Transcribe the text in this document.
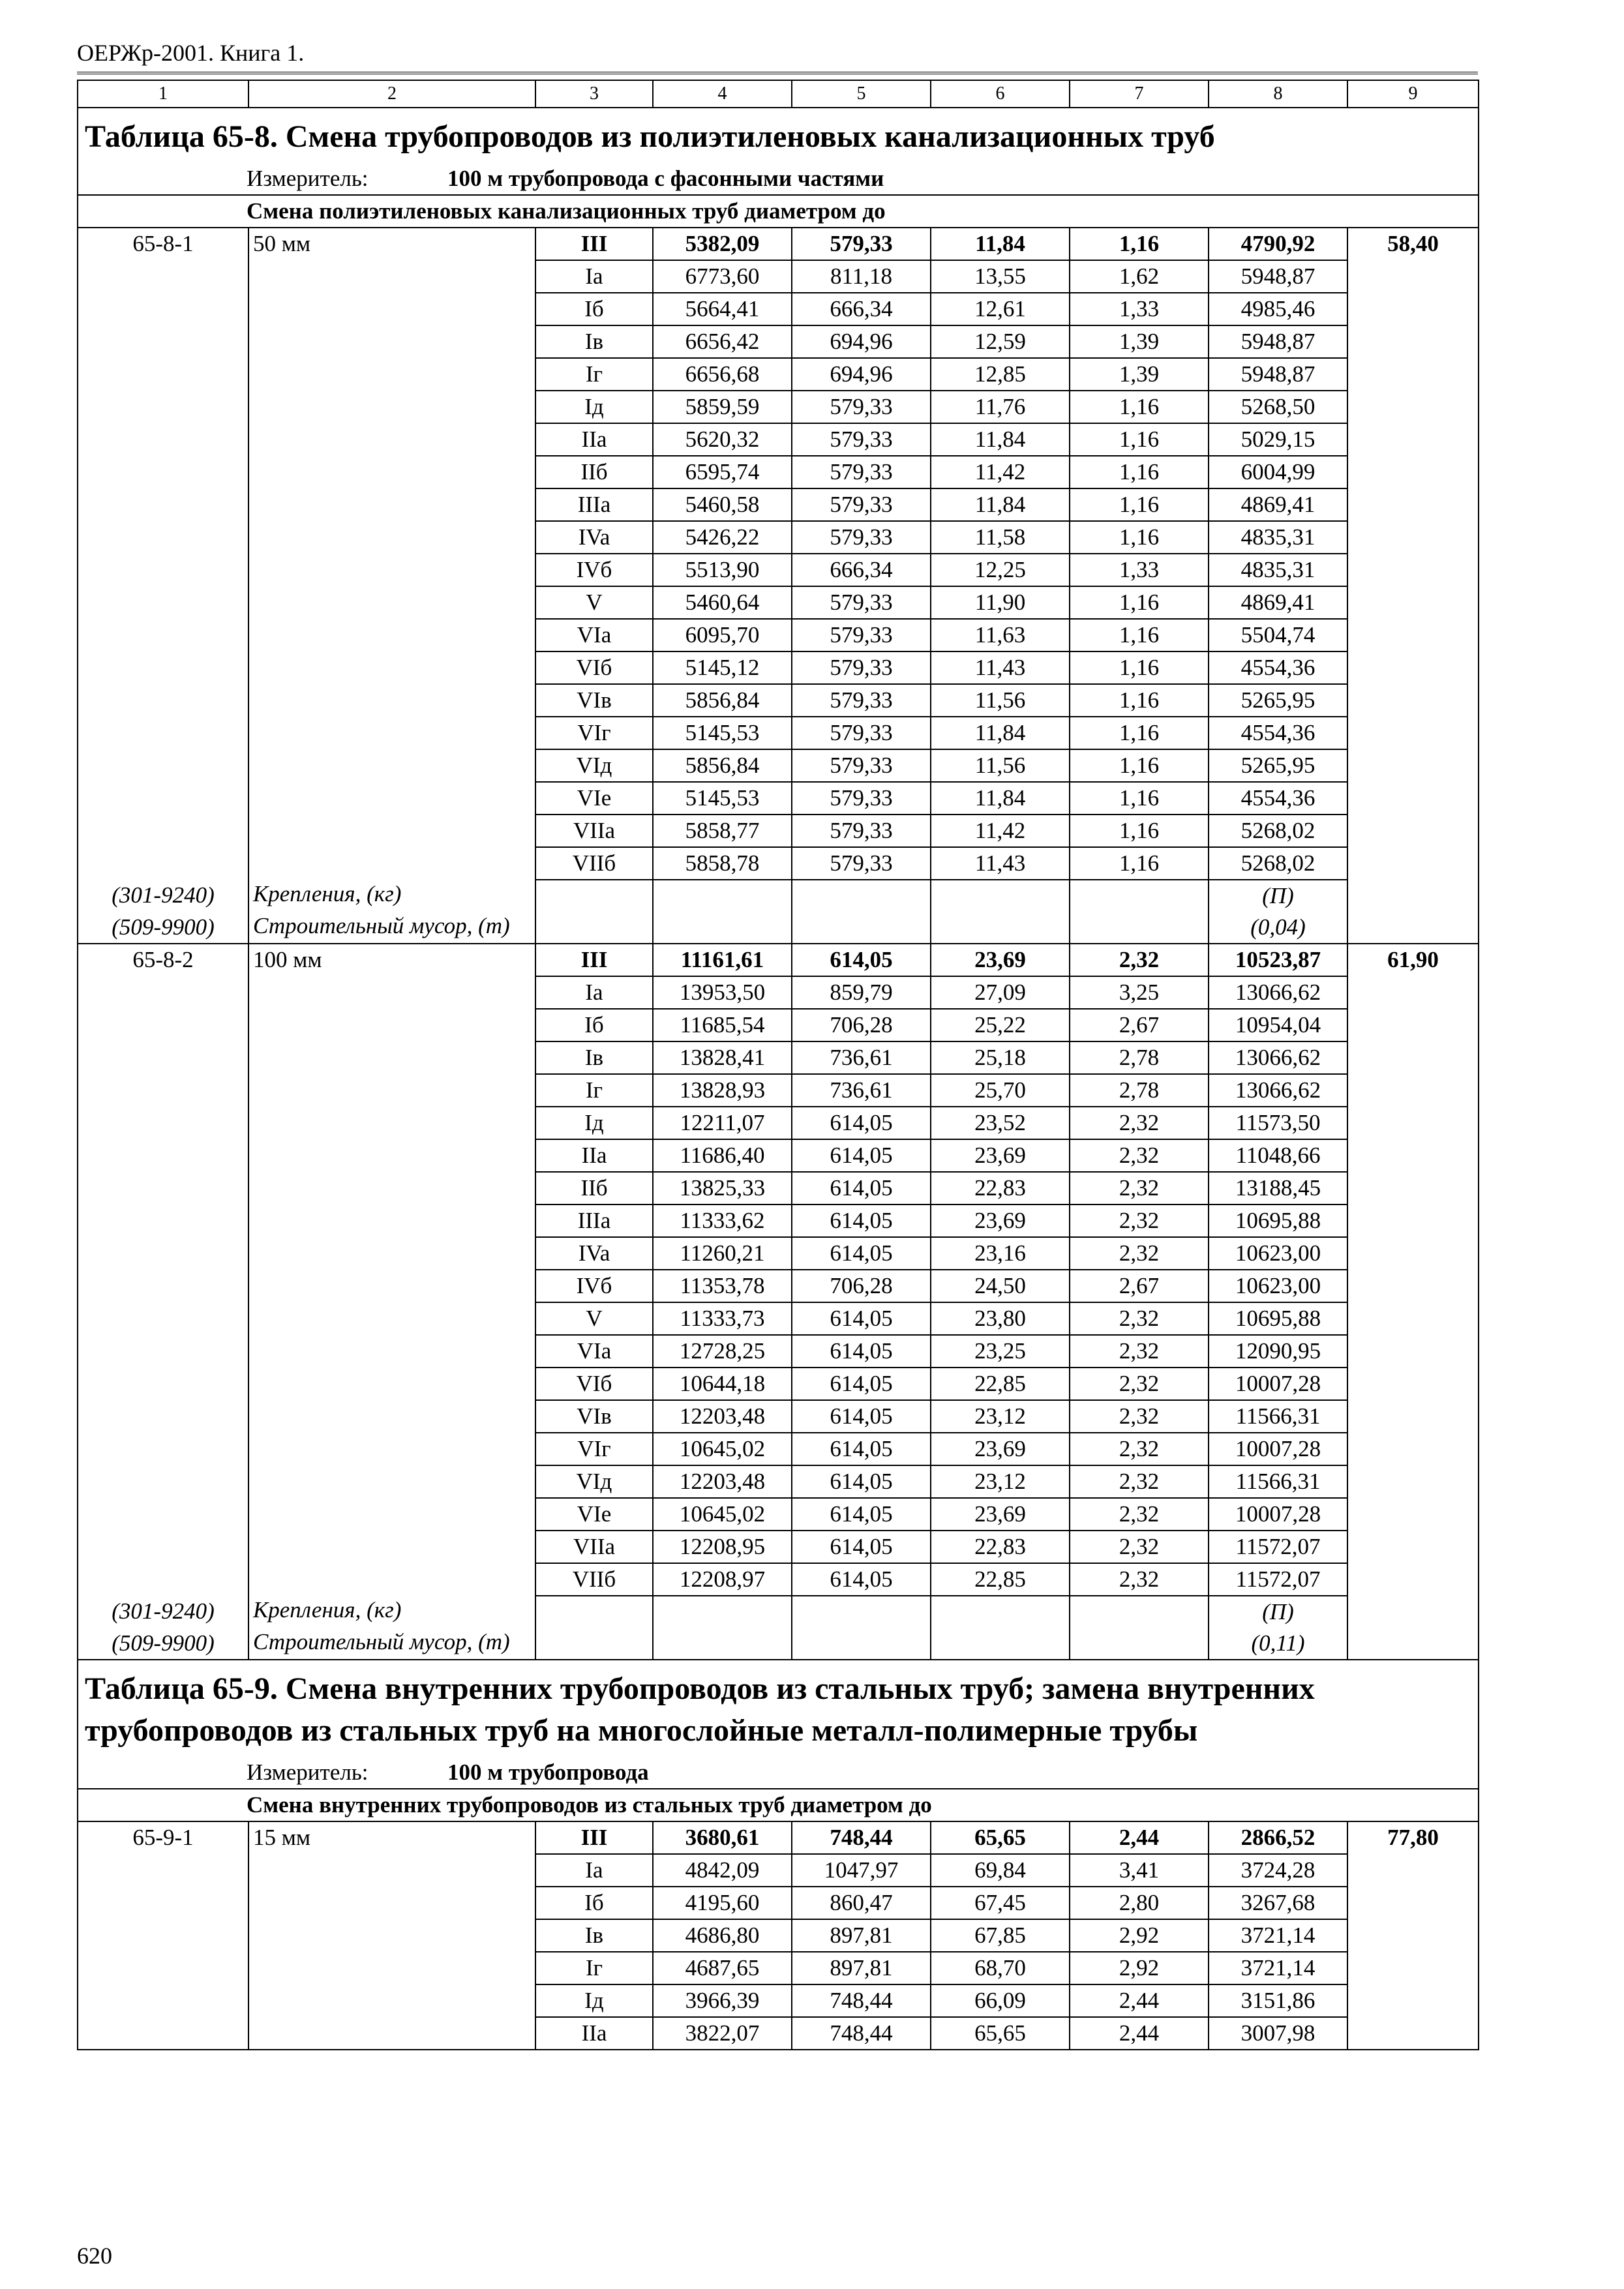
ОЕРЖр-2001. Книга 1.
1	2	3	4	5	6	7	8	9
Таблица 65-8. Смена трубопроводов из полиэтиленовых канализационных труб								
Измеритель: 100 м трубопровода с фасонными частями								
Смена полиэтиленовых канализационных труб диаметром до								
65-8-1	50 мм	III	5382,09	579,33	11,84	1,16	4790,92	58,40
		Ia	6773,60	811,18	13,55	1,62	5948,87	
		Iб	5664,41	666,34	12,61	1,33	4985,46	
		Iв	6656,42	694,96	12,59	1,39	5948,87	
		Iг	6656,68	694,96	12,85	1,39	5948,87	
		Iд	5859,59	579,33	11,76	1,16	5268,50	
		IIa	5620,32	579,33	11,84	1,16	5029,15	
		IIб	6595,74	579,33	11,42	1,16	6004,99	
		IIIa	5460,58	579,33	11,84	1,16	4869,41	
		IVa	5426,22	579,33	11,58	1,16	4835,31	
		IVб	5513,90	666,34	12,25	1,33	4835,31	
		V	5460,64	579,33	11,90	1,16	4869,41	
		VIa	6095,70	579,33	11,63	1,16	5504,74	
		VIб	5145,12	579,33	11,43	1,16	4554,36	
		VIв	5856,84	579,33	11,56	1,16	5265,95	
		VIг	5145,53	579,33	11,84	1,16	4554,36	
		VIд	5856,84	579,33	11,56	1,16	5265,95	
		VIe	5145,53	579,33	11,84	1,16	4554,36	
		VIIa	5858,77	579,33	11,42	1,16	5268,02	
		VIIб	5858,78	579,33	11,43	1,16	5268,02	
(301-9240)	Крепления, (кг)						(П)	
(509-9900)	Строительный мусор, (т)						(0,04)	
65-8-2	100 мм	III	11161,61	614,05	23,69	2,32	10523,87	61,90
		Ia	13953,50	859,79	27,09	3,25	13066,62	
		Iб	11685,54	706,28	25,22	2,67	10954,04	
		Iв	13828,41	736,61	25,18	2,78	13066,62	
		Iг	13828,93	736,61	25,70	2,78	13066,62	
		Iд	12211,07	614,05	23,52	2,32	11573,50	
		IIa	11686,40	614,05	23,69	2,32	11048,66	
		IIб	13825,33	614,05	22,83	2,32	13188,45	
		IIIa	11333,62	614,05	23,69	2,32	10695,88	
		IVa	11260,21	614,05	23,16	2,32	10623,00	
		IVб	11353,78	706,28	24,50	2,67	10623,00	
		V	11333,73	614,05	23,80	2,32	10695,88	
		VIa	12728,25	614,05	23,25	2,32	12090,95	
		VIб	10644,18	614,05	22,85	2,32	10007,28	
		VIв	12203,48	614,05	23,12	2,32	11566,31	
		VIг	10645,02	614,05	23,69	2,32	10007,28	
		VIд	12203,48	614,05	23,12	2,32	11566,31	
		VIe	10645,02	614,05	23,69	2,32	10007,28	
		VIIa	12208,95	614,05	22,83	2,32	11572,07	
		VIIб	12208,97	614,05	22,85	2,32	11572,07	
(301-9240)	Крепления, (кг)						(П)	
(509-9900)	Строительный мусор, (т)						(0,11)	
Таблица 65-9. Смена внутренних трубопроводов из стальных труб; замена внутренних трубопроводов из стальных труб на многослойные металл-полимерные трубы								
Измеритель: 100 м трубопровода								
Смена внутренних трубопроводов из стальных труб диаметром до								
65-9-1	15 мм	III	3680,61	748,44	65,65	2,44	2866,52	77,80
		Ia	4842,09	1047,97	69,84	3,41	3724,28	
		Iб	4195,60	860,47	67,45	2,80	3267,68	
		Iв	4686,80	897,81	67,85	2,92	3721,14	
		Iг	4687,65	897,81	68,70	2,92	3721,14	
		Iд	3966,39	748,44	66,09	2,44	3151,86	
		IIa	3822,07	748,44	65,65	2,44	3007,98	
620
